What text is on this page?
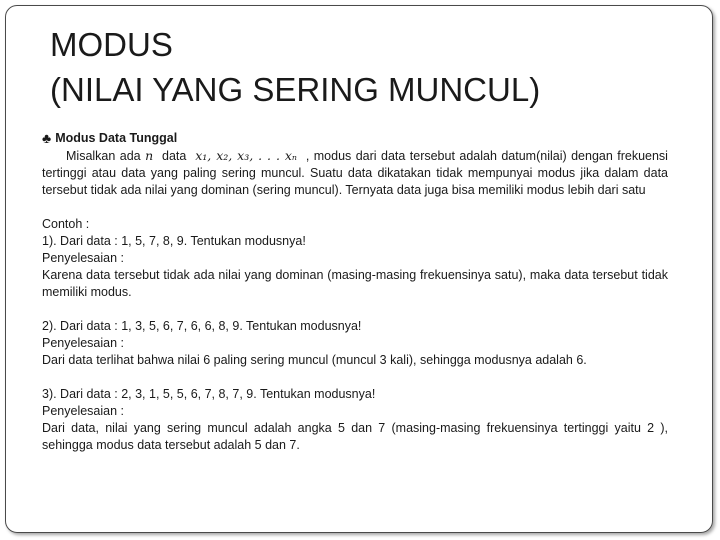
MODUS
(NILAI YANG SERING MUNCUL)

♣ Modus Data Tunggal

Misalkan ada n data x₁, x₂, x₃, . . . xₙ , modus dari data tersebut adalah datum(nilai) dengan frekuensi tertinggi atau data yang paling sering muncul. Suatu data dikatakan tidak mempunyai modus jika dalam data tersebut tidak ada nilai yang dominan (sering muncul). Ternyata data juga bisa memiliki modus lebih dari satu

Contoh :

1). Dari data : 1, 5, 7, 8, 9. Tentukan modusnya!

Penyelesaian :

Karena data tersebut tidak ada nilai yang dominan (masing-masing frekuensinya satu), maka data tersebut tidak memiliki modus.

2). Dari data : 1, 3, 5, 6, 7, 6, 6, 8, 9. Tentukan modusnya!

Penyelesaian :

Dari data terlihat bahwa nilai 6 paling sering muncul (muncul 3 kali), sehingga modusnya adalah 6.

3). Dari data : 2, 3, 1, 5, 5, 6, 7, 8, 7, 9. Tentukan modusnya!

Penyelesaian :

Dari data, nilai yang sering muncul adalah angka 5 dan 7 (masing-masing frekuensinya tertinggi yaitu 2 ), sehingga modus data tersebut adalah 5 dan 7.
